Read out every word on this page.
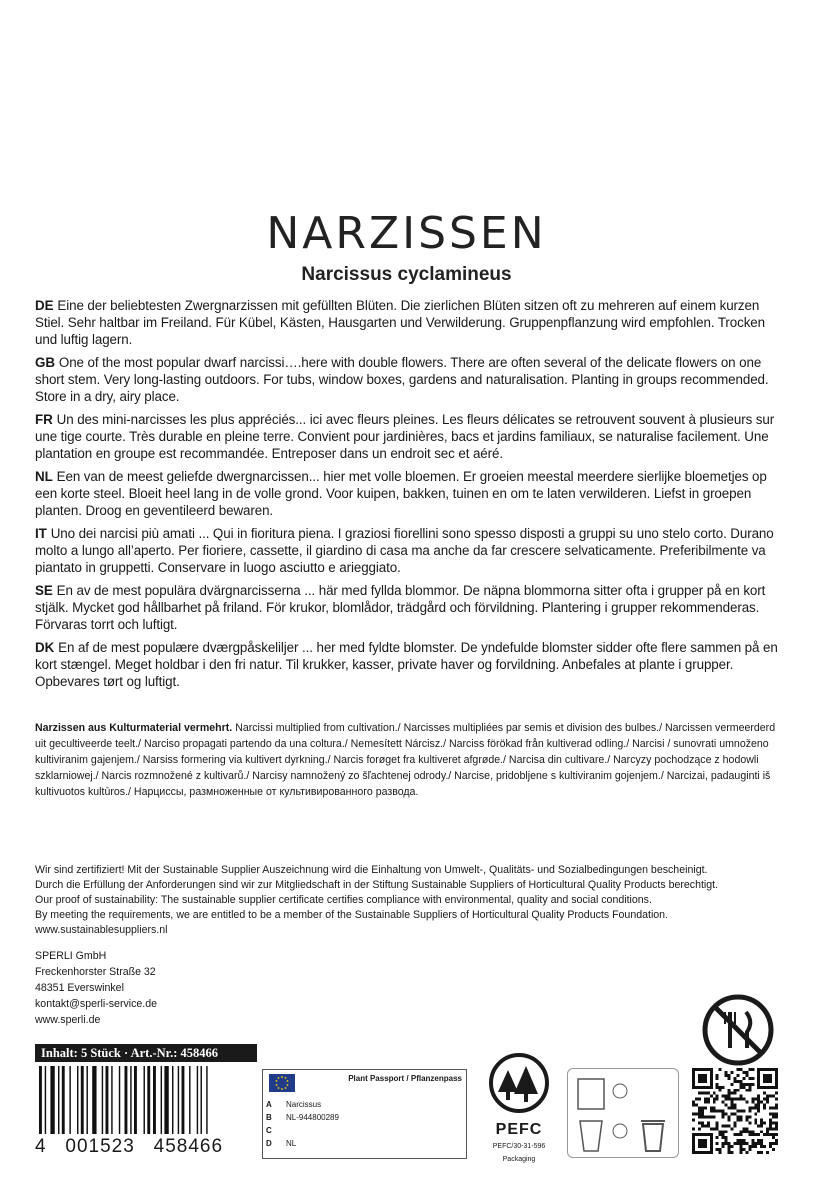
NARZISSEN
Narcissus cyclamineus

DE Eine der beliebtesten Zwergnarzissen mit gefüllten Blüten. Die zierlichen Blüten sitzen oft zu mehreren auf einem kurzen Stiel. Sehr haltbar im Freiland. Für Kübel, Kästen, Hausgarten und Verwilderung. Gruppenpflanzung wird empfohlen. Trocken und luftig lagern.

GB One of the most popular dwarf narcissi….here with double flowers. There are often several of the delicate flowers on one short stem. Very long-lasting outdoors. For tubs, window boxes, gardens and naturalisation. Planting in groups recommended. Store in a dry, airy place.

FR Un des mini-narcisses les plus appréciés... ici avec fleurs pleines. Les fleurs délicates se retrouvent souvent à plusieurs sur une tige courte. Très durable en pleine terre. Convient pour jardinières, bacs et jardins familiaux, se naturalise facilement. Une plantation en groupe est recommandée. Entreposer dans un endroit sec et aéré.

NL Een van de meest geliefde dwergnarcissen... hier met volle bloemen. Er groeien meestal meerdere sierlijke bloemetjes op een korte steel. Bloeit heel lang in de volle grond. Voor kuipen, bakken, tuinen en om te laten verwilderen. Liefst in groepen planten. Droog en geventileerd bewaren.

IT Uno dei narcisi più amati ... Qui in fioritura piena. I graziosi fiorellini sono spesso disposti a gruppi su uno stelo corto. Durano molto a lungo all’aperto. Per fioriere, cassette, il giardino di casa ma anche da far crescere selvaticamente. Preferibilmente va piantato in gruppetti. Conservare in luogo asciutto e arieggiato.

SE En av de mest populära dvärgnarcisserna ... här med fyllda blommor. De näpna blommorna sitter ofta i grupper på en kort stjälk. Mycket god hållbarhet på friland. För krukor, blomlådor, trädgård och förvildning. Plantering i grupper rekommenderas. Förvaras torrt och luftigt.

DK En af de mest populære dværgpåskeliljer ... her med fyldte blomster. De yndefulde blomster sidder ofte flere sammen på en kort stængel. Meget holdbar i den fri natur. Til krukker, kasser, private haver og forvildning. Anbefales at plante i grupper. Opbevares tørt og luftigt.

Narzissen aus Kulturmaterial vermehrt. Narcissi multiplied from cultivation./ Narcisses multipliées par semis et division des bulbes./ Narcissen vermeerderd uit gecultiveerde teelt./ Narciso propagati partendo da una coltura./ Nemesített Nárcisz./ Narciss förökad från kultiverad odling./ Narcisi / sunovrati umnoženo kultiviranim gajenjem./ Narsiss formering via kultivert dyrkning./ Narcis forøget fra kultiveret afgrøde./ Narcisa din cultivare./ Narcyzy pochodzące z hodowli szklarniowej./ Narcis rozmnožené z kultivarů./ Narcisy namnožený zo šľachtenej odrody./ Narcise, pridobljene s kultiviranim gojenjem./ Narcizai, padauginti iš kultivuotos kultūros./ Нарциссы, размноженные от культивированного развода.

Wir sind zertifiziert! Mit der Sustainable Supplier Auszeichnung wird die Einhaltung von Umwelt-, Qualitäts- und Sozialbedingungen bescheinigt.
Durch die Erfüllung der Anforderungen sind wir zur Mitgliedschaft in der Stiftung Sustainable Suppliers of Horticultural Quality Products berechtigt.
Our proof of sustainability: The sustainable supplier certificate certifies compliance with environmental, quality and social conditions.
By meeting the requirements, we are entitled to be a member of the Sustainable Suppliers of Horticultural Quality Products Foundation.
www.sustainablesuppliers.nl
SPERLI GmbH
Freckenhorster Straße 32
48351 Everswinkel
kontakt@sperli-service.de
www.sperli.de
Inhalt: 5 Stück · Art.-Nr.: 458466
4   001523   458466
Plant Passport / Pflanzenpass
A Narcissus
B NL-944800289
C
D NL
PEFC
PEFC/30-31-596
Packaging
